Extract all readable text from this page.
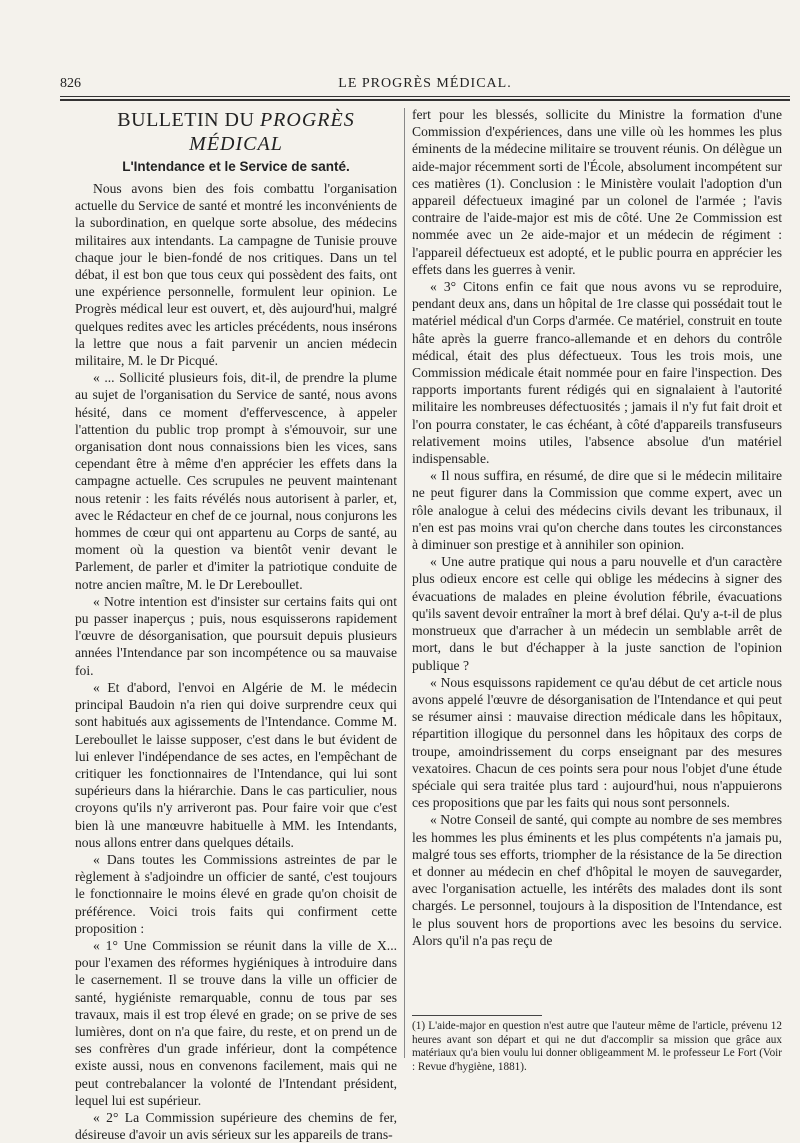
826	LE PROGRÈS MÉDICAL.
BULLETIN DU PROGRÈS MÉDICAL
L'Intendance et le Service de santé.

Nous avons bien des fois combattu l'organisation actuelle du Service de santé et montré les inconvénients de la subordination, en quelque sorte absolue, des médecins militaires aux intendants. La campagne de Tunisie prouve chaque jour le bien-fondé de nos critiques. Dans un tel débat, il est bon que tous ceux qui possèdent des faits, ont une expérience personnelle, formulent leur opinion. Le Progrès médical leur est ouvert, et, dès aujourd'hui, malgré quelques redites avec les articles précédents, nous insérons la lettre que nous a fait parvenir un ancien médecin militaire, M. le Dr Picqué.

« ... Sollicité plusieurs fois, dit-il, de prendre la plume au sujet de l'organisation du Service de santé, nous avons hésité, dans ce moment d'effervescence, à appeler l'attention du public trop prompt à s'émouvoir, sur une organisation dont nous connaissions bien les vices, sans cependant être à même d'en apprécier les effets dans la campagne actuelle. Ces scrupules ne peuvent maintenant nous retenir : les faits révélés nous autorisent à parler, et, avec le Rédacteur en chef de ce journal, nous conjurons les hommes de cœur qui ont appartenu au Corps de santé, au moment où la question va bientôt venir devant le Parlement, de parler et d'imiter la patriotique conduite de notre ancien maître, M. le Dr Lereboullet.

« Notre intention est d'insister sur certains faits qui ont pu passer inaperçus ; puis, nous esquisserons rapidement l'œuvre de désorganisation, que poursuit depuis plusieurs années l'Intendance par son incompétence ou sa mauvaise foi.

« Et d'abord, l'envoi en Algérie de M. le médecin principal Baudoin n'a rien qui doive surprendre ceux qui sont habitués aux agissements de l'Intendance. Comme M. Lereboullet le laisse supposer, c'est dans le but évident de lui enlever l'indépendance de ses actes, en l'empêchant de critiquer les fonctionnaires de l'Intendance, qui lui sont supérieurs dans la hiérarchie. Dans le cas particulier, nous croyons qu'ils n'y arriveront pas. Pour faire voir que c'est bien là une manœuvre habituelle à MM. les Intendants, nous allons entrer dans quelques détails.

« Dans toutes les Commissions astreintes de par le règlement à s'adjoindre un officier de santé, c'est toujours le fonctionnaire le moins élevé en grade qu'on choisit de préférence. Voici trois faits qui confirment cette proposition :

« 1° Une Commission se réunit dans la ville de X... pour l'examen des réformes hygiéniques à introduire dans le casernement. Il se trouve dans la ville un officier de santé, hygiéniste remarquable, connu de tous par ses travaux, mais il est trop élevé en grade; on se prive de ses lumières, dont on n'a que faire, du reste, et on prend un de ses confrères d'un grade inférieur, dont la compétence existe aussi, nous en convenons facilement, mais qui ne peut contrebalancer la volonté de l'Intendant président, lequel lui est supérieur.

« 2° La Commission supérieure des chemins de fer, désireuse d'avoir un avis sérieux sur les appareils de trans-

fert pour les blessés, sollicite du Ministre la formation d'une Commission d'expériences, dans une ville où les hommes les plus éminents de la médecine militaire se trouvent réunis. On délègue un aide-major récemment sorti de l'École, absolument incompétent sur ces matières (1). Conclusion : le Ministère voulait l'adoption d'un appareil défectueux imaginé par un colonel de l'armée ; l'avis contraire de l'aide-major est mis de côté. Une 2e Commission est nommée avec un 2e aide-major et un médecin de régiment : l'appareil défectueux est adopté, et le public pourra en apprécier les effets dans les guerres à venir.

« 3° Citons enfin ce fait que nous avons vu se reproduire, pendant deux ans, dans un hôpital de 1re classe qui possédait tout le matériel médical d'un Corps d'armée. Ce matériel, construit en toute hâte après la guerre franco-allemande et en dehors du contrôle médical, était des plus défectueux. Tous les trois mois, une Commission médicale était nommée pour en faire l'inspection. Des rapports importants furent rédigés qui en signalaient à l'autorité militaire les nombreuses défectuosités ; jamais il n'y fut fait droit et l'on pourra constater, le cas échéant, à côté d'appareils transfuseurs relativement moins utiles, l'absence absolue d'un matériel indispensable.

« Il nous suffira, en résumé, de dire que si le médecin militaire ne peut figurer dans la Commission que comme expert, avec un rôle analogue à celui des médecins civils devant les tribunaux, il n'en est pas moins vrai qu'on cherche dans toutes les circonstances à diminuer son prestige et à annihiler son opinion.

« Une autre pratique qui nous a paru nouvelle et d'un caractère plus odieux encore est celle qui oblige les médecins à signer des évacuations de malades en pleine évolution fébrile, évacuations qu'ils savent devoir entraîner la mort à bref délai. Qu'y a-t-il de plus monstrueux que d'arracher à un médecin un semblable arrêt de mort, dans le but d'échapper à la juste sanction de l'opinion publique ?

« Nous esquissons rapidement ce qu'au début de cet article nous avons appelé l'œuvre de désorganisation de l'Intendance et qui peut se résumer ainsi : mauvaise direction médicale dans les hôpitaux, répartition illogique du personnel dans les hôpitaux des corps de troupe, amoindrissement du corps enseignant par des mesures vexatoires. Chacun de ces points sera pour nous l'objet d'une étude spéciale qui sera traitée plus tard : aujourd'hui, nous n'appuierons ces propositions que par les faits qui nous sont personnels.

« Notre Conseil de santé, qui compte au nombre de ses membres les hommes les plus éminents et les plus compétents n'a jamais pu, malgré tous ses efforts, triompher de la résistance de la 5e direction et donner au médecin en chef d'hôpital le moyen de sauvegarder, avec l'organisation actuelle, les intérêts des malades dont ils sont chargés. Le personnel, toujours à la disposition de l'Intendance, est le plus souvent hors de proportions avec les besoins du service. Alors qu'il n'a pas reçu de

(1) L'aide-major en question n'est autre que l'auteur même de l'article, prévenu 12 heures avant son départ et qui ne dut d'accomplir sa mission que grâce aux matériaux qu'a bien voulu lui donner obligeamment M. le professeur Le Fort (Voir : Revue d'hygiène, 1881).
